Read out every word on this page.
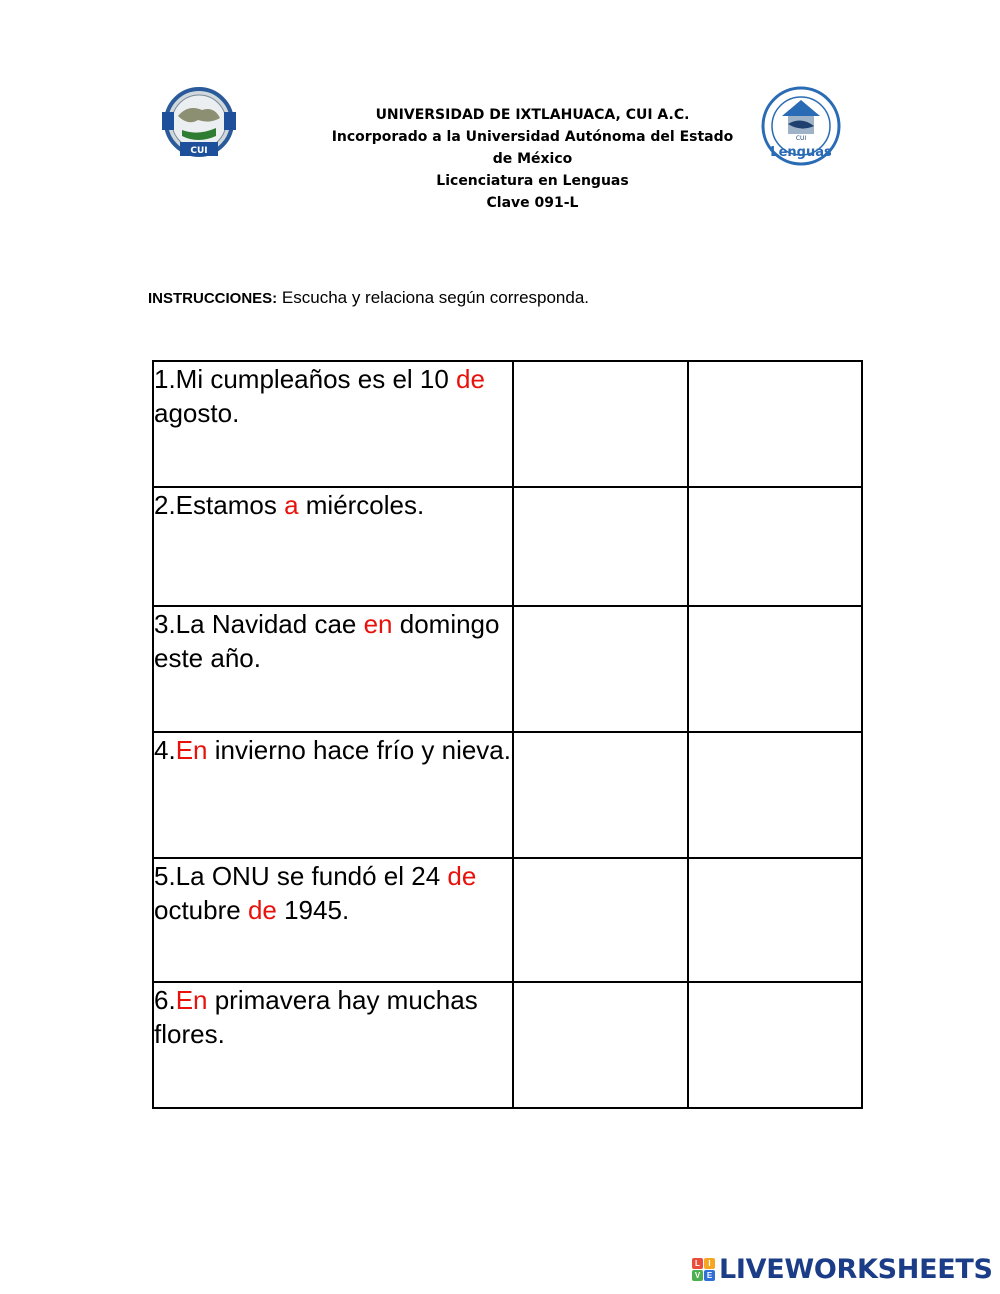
CUI
CUI
Lenguas
UNIVERSIDAD DE IXTLAHUACA, CUI A.C.
Incorporado a la Universidad Autónoma del Estado de México
Licenciatura en Lenguas
Clave 091-L
INSTRUCCIONES: Escucha y relaciona según corresponda.
1.Mi cumpleaños es el 10 de agosto.		
2.Estamos a miércoles.		
3.La Navidad cae en domingo este año.		
4.En invierno hace frío y nieva.		
5.La ONU se fundó el 24 de octubre de 1945.		
6.En primavera hay muchas flores.		
L	I
V E LIVEWORKSHEETS
